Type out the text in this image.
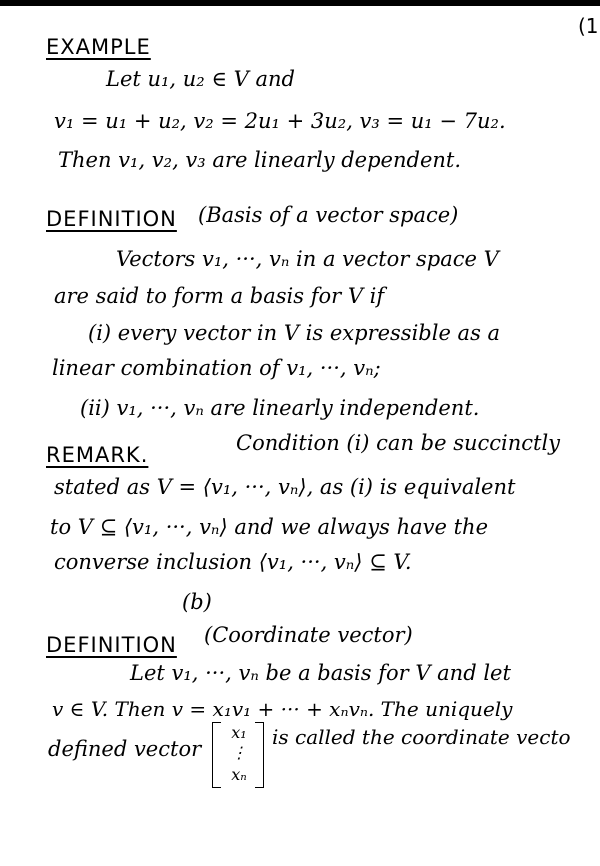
(1
EXAMPLE
Let u₁, u₂ ∈ V and
v₁ = u₁ + u₂, v₂ = 2u₁ + 3u₂, v₃ = u₁ − 7u₂.
Then v₁, v₂, v₃ are linearly dependent.
DEFINITION (Basis of a vector space)
Vectors v₁, ···, vₙ in a vector space V
are said to form a basis for V if
(i) every vector in V is expressible as a
linear combination of v₁, ···, vₙ;
(ii) v₁, ···, vₙ are linearly independent.
REMARK.	Condition (i) can be succinctly
stated as V = ⟨v₁, ···, vₙ⟩, as (i) is equivalent
to V ⊆ ⟨v₁, ···, vₙ⟩ and we always have the
converse inclusion ⟨v₁, ···, vₙ⟩ ⊆ V.
(b)
DEFINITION (Coordinate vector)
Let v₁, ···, vₙ be a basis for V and let
v ∈ V. Then v = x₁v₁ + ··· + xₙvₙ. The uniquely
defined vector
x₁
⋮
xₙ
is called the coordinate vecto
